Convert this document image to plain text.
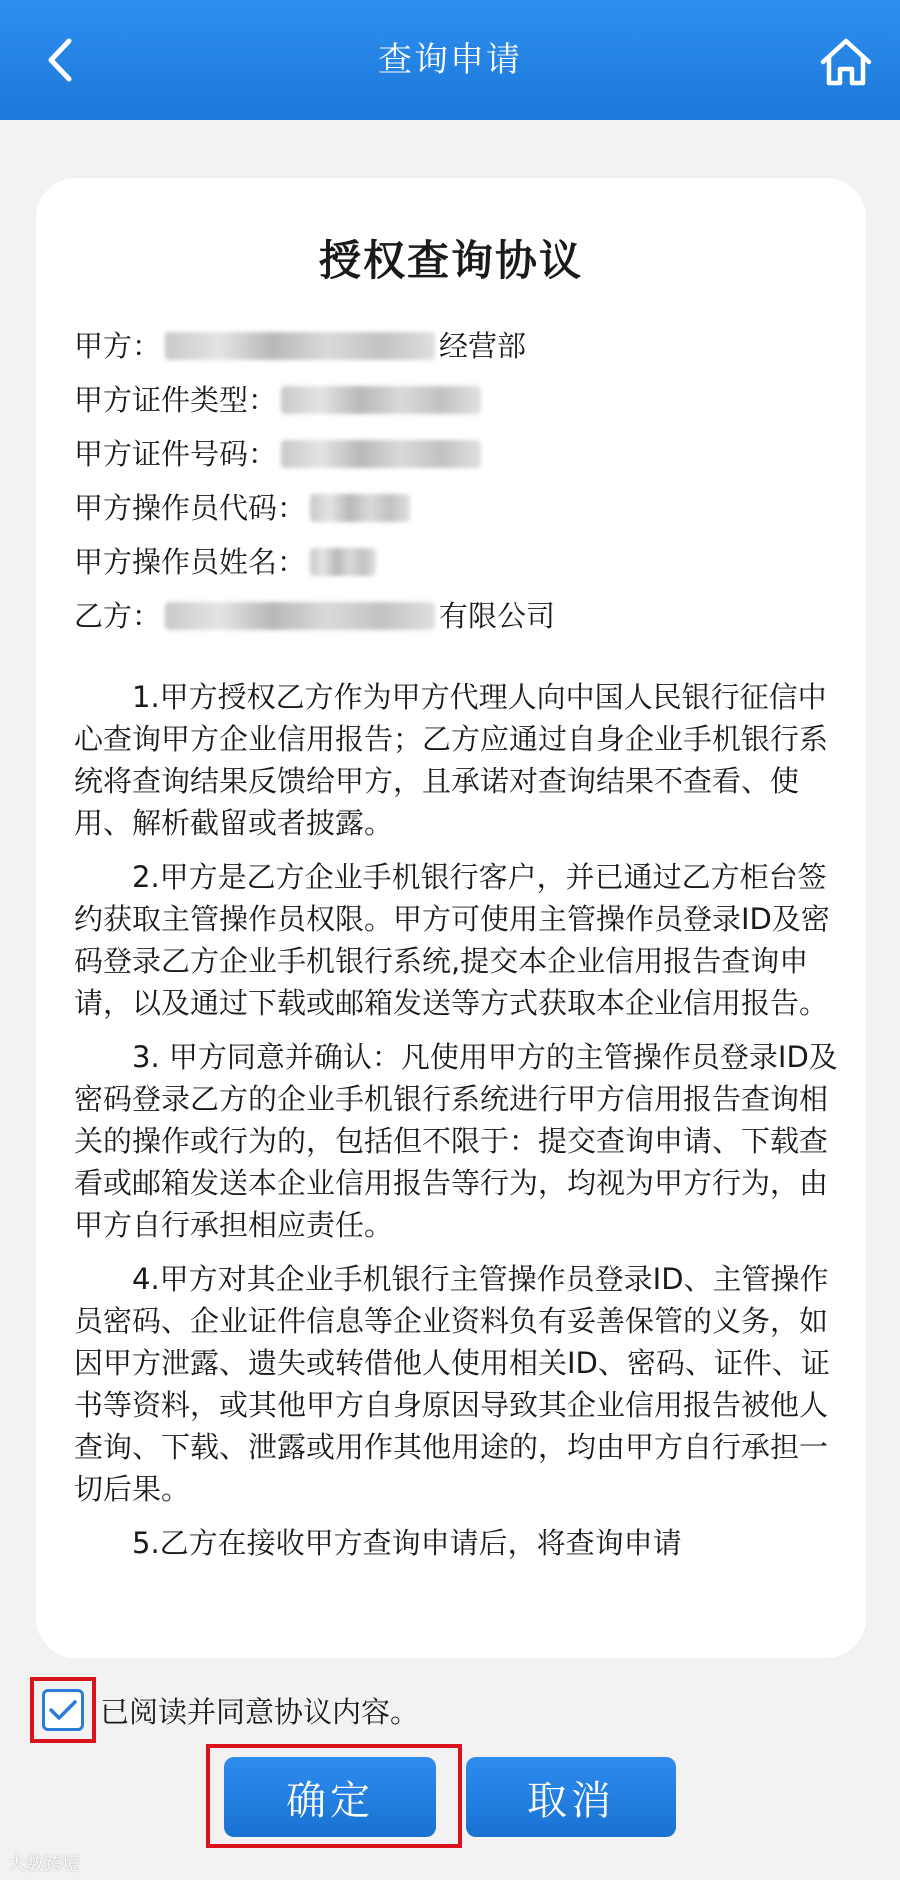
查询申请
授权查询协议
甲方：	经营部
甲方证件类型：
甲方证件号码：
甲方操作员代码：
甲方操作员姓名：
乙方：	有限公司

1.甲方授权乙方作为甲方代理人向中国人民银行征信中心查询甲方企业信用报告；乙方应通过自身企业手机银行系统将查询结果反馈给甲方，且承诺对查询结果不查看、使用、解析截留或者披露。

2.甲方是乙方企业手机银行客户，并已通过乙方柜台签约获取主管操作员权限。甲方可使用主管操作员登录ID及密码登录乙方企业手机银行系统,提交本企业信用报告查询申请，以及通过下载或邮箱发送等方式获取本企业信用报告。

3. 甲方同意并确认：凡使用甲方的主管操作员登录ID及密码登录乙方的企业手机银行系统进行甲方信用报告查询相关的操作或行为的，包括但不限于：提交查询申请、下载查看或邮箱发送本企业信用报告等行为，均视为甲方行为，由甲方自行承担相应责任。

4.甲方对其企业手机银行主管操作员登录ID、主管操作员密码、企业证件信息等企业资料负有妥善保管的义务，如因甲方泄露、遗失或转借他人使用相关ID、密码、证件、证书等资料，或其他甲方自身原因导致其企业信用报告被他人查询、下载、泄露或用作其他用途的，均由甲方自行承担一切后果。

5.乙方在接收甲方查询申请后，将查询申请

已阅读并同意协议内容。
确定	取消
大数跨境
